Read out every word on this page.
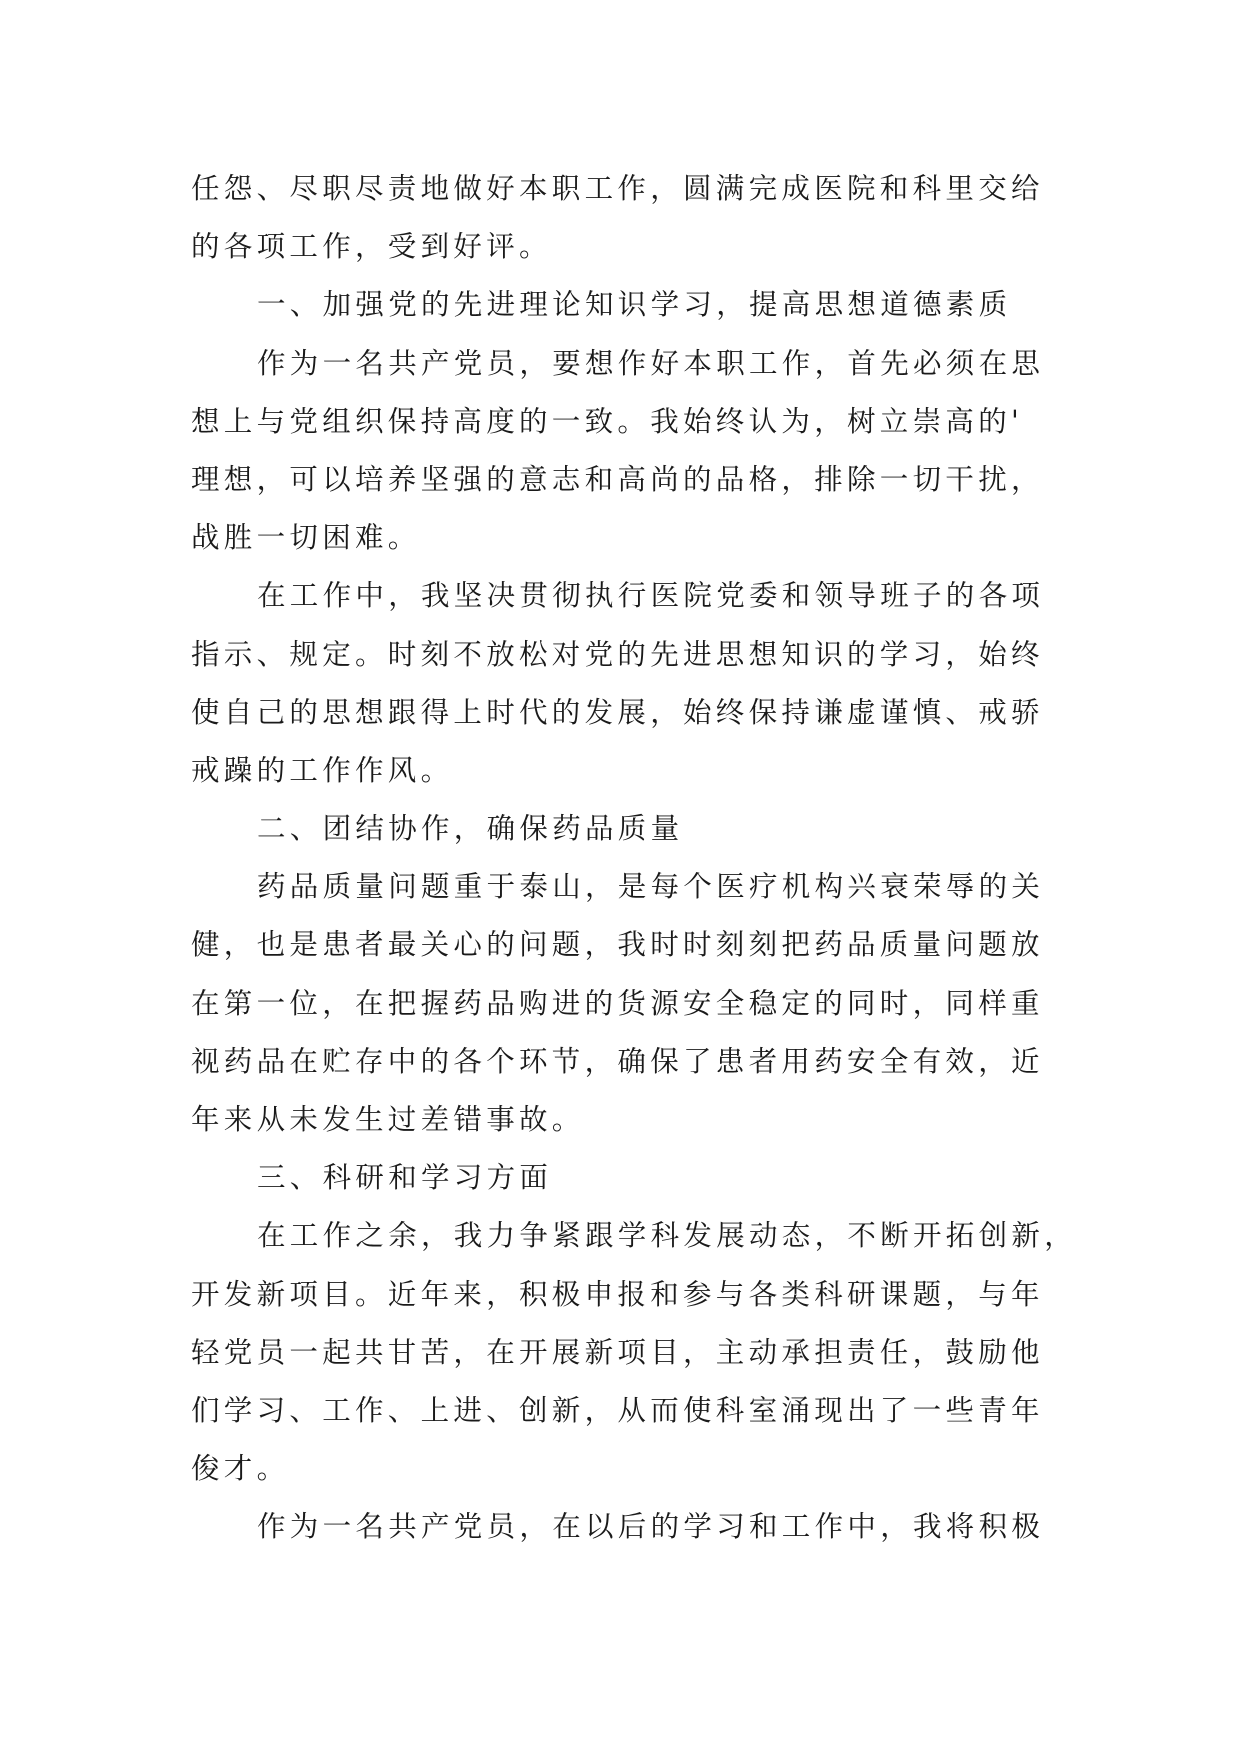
任怨、尽职尽责地做好本职工作，圆满完成医院和科里交给
的各项工作，受到好评。
一、加强党的先进理论知识学习，提高思想道德素质
作为一名共产党员，要想作好本职工作，首先必须在思
想上与党组织保持高度的一致。我始终认为，树立崇高的'
理想，可以培养坚强的意志和高尚的品格，排除一切干扰，
战胜一切困难。
在工作中，我坚决贯彻执行医院党委和领导班子的各项
指示、规定。时刻不放松对党的先进思想知识的学习，始终
使自己的思想跟得上时代的发展，始终保持谦虚谨慎、戒骄
戒躁的工作作风。
二、团结协作，确保药品质量
药品质量问题重于泰山，是每个医疗机构兴衰荣辱的关
健，也是患者最关心的问题，我时时刻刻把药品质量问题放
在第一位，在把握药品购进的货源安全稳定的同时，同样重
视药品在贮存中的各个环节，确保了患者用药安全有效，近
年来从未发生过差错事故。
三、科研和学习方面
在工作之余，我力争紧跟学科发展动态，不断开拓创新，
开发新项目。近年来，积极申报和参与各类科研课题，与年
轻党员一起共甘苦，在开展新项目，主动承担责任，鼓励他
们学习、工作、上进、创新，从而使科室涌现出了一些青年
俊才。
作为一名共产党员，在以后的学习和工作中，我将积极
